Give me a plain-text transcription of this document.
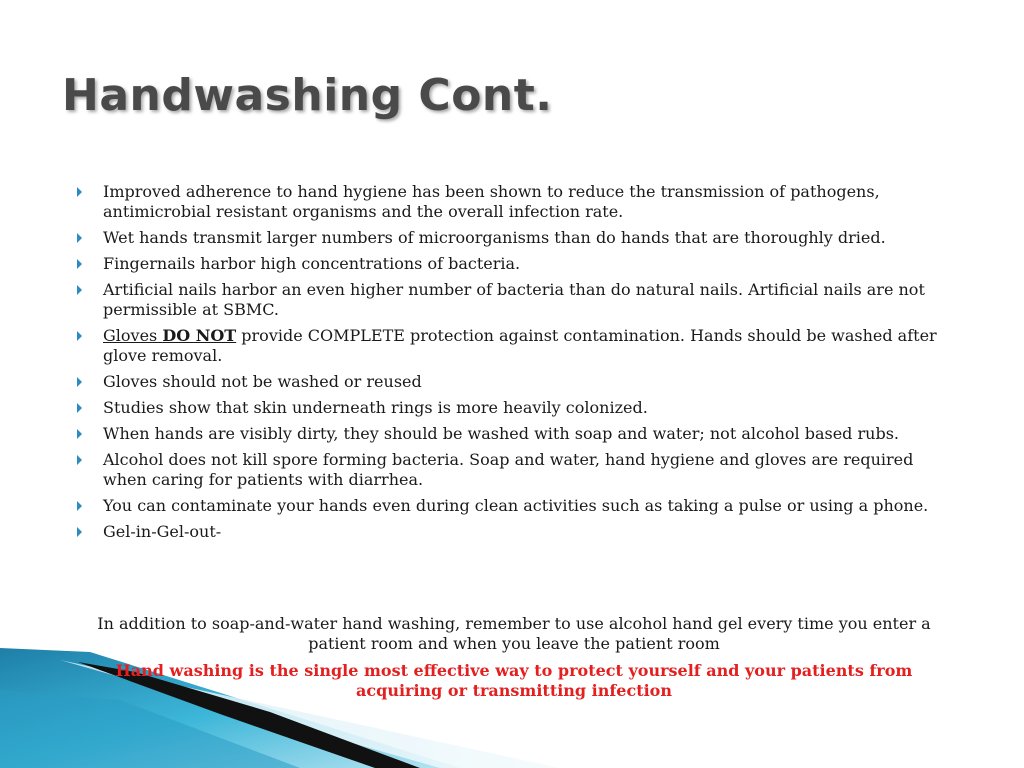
Handwashing Cont.
Improved adherence to hand hygiene has been shown to reduce the transmission of pathogens, antimicrobial resistant organisms and the overall infection rate.
Wet hands transmit larger numbers of microorganisms than do hands that are thoroughly dried.
Fingernails harbor high concentrations of bacteria.
Artificial nails harbor an even higher number of bacteria than do natural nails. Artificial nails are not permissible at SBMC.
Gloves DO NOT provide COMPLETE protection against contamination. Hands should be washed after glove removal.
Gloves should not be washed or reused
Studies show that skin underneath rings is more heavily colonized.
When hands are visibly dirty, they should be washed with soap and water; not alcohol based rubs.
Alcohol does not kill spore forming bacteria. Soap and water, hand hygiene and gloves are required when caring for patients with diarrhea.
You can contaminate your hands even during clean activities such as taking a pulse or using a phone.
Gel-in-Gel-out-

In addition to soap-and-water hand washing, remember to use alcohol hand gel every time you enter a patient room and when you leave the patient room

Hand washing is the single most effective way to protect yourself and your patients from acquiring or transmitting infection
